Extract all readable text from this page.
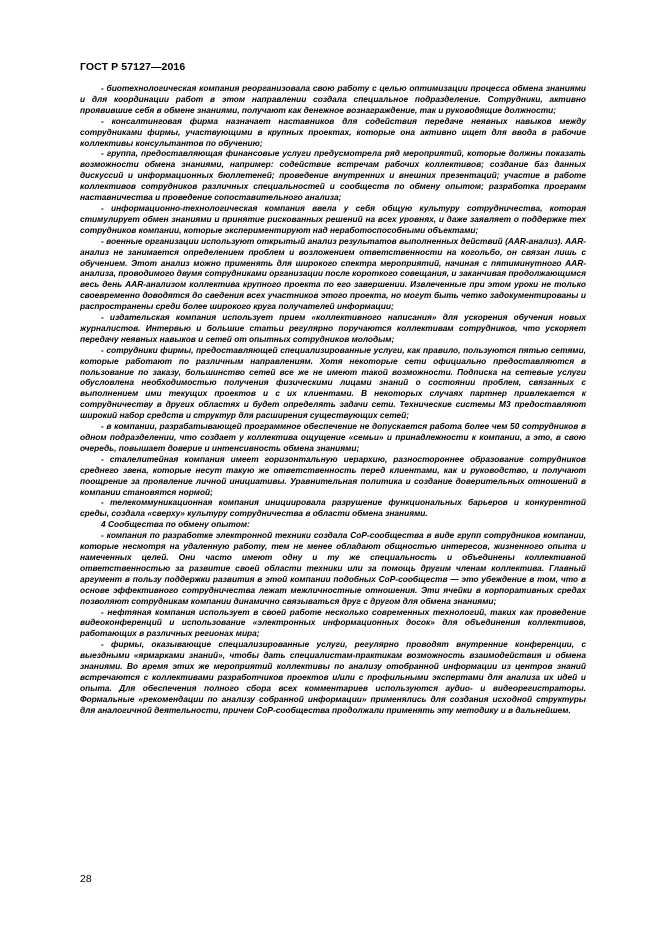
ГОСТ Р 57127—2016

- биотехнологическая компания реорганизовала свою работу с целью оптимизации процесса обмена знаниями и для координации работ в этом направлении создала специальное подразделение. Сотрудники, активно проявившие себя в обмене знаниями, получают как денежное вознаграждение, так и руководящие должности;

- консалтинговая фирма назначает наставников для содействия передаче неявных навыков между сотрудниками фирмы, участвующими в крупных проектах, которые она активно ищет для ввода в рабочие коллективы консультантов по обучению;

- группа, предоставляющая финансовые услуги предусмотрела ряд мероприятий, которые должны показать возможности обмена знаниями, например: содействие встречам рабочих коллективов; создание баз данных дискуссий и информационных бюллетеней; проведение внутренних и внешних презентаций; участие в работе коллективов сотрудников различных специальностей и сообществ по обмену опытом; разработка программ наставничества и проведение сопоставительного анализа;

- информационно-технологическая компания ввела у себя общую культуру сотрудничества, которая стимулирует обмен знаниями и принятие рискованных решений на всех уровнях, и даже заявляет о поддержке тех сотрудников компании, которые экспериментируют над неработоспособными объектами;

- военные организации используют открытый анализ результатов выполненных действий (AAR-анализ). AAR-анализ не занимается определением проблем и возложением ответственности на когольбо, он связан лишь с обучением. Этот анализ можно применять для широкого спектра мероприятий, начиная с пятиминутного AAR-анализа, проводимого двумя сотрудниками организации после короткого совещания, и заканчивая продолжающимся весь день AAR-анализом коллектива крупного проекта по его завершении. Извлеченные при этом уроки не только своевременно доводятся до сведения всех участников этого проекта, но могут быть четко задокументированы и распространены среди более широкого круга получателей информации;

- издательская компания использует прием «коллективного написания» для ускорения обучения новых журналистов. Интервью и большие статьи регулярно поручаются коллективам сотрудников, что ускоряет передачу неявных навыков и сетей от опытных сотрудников молодым;

- сотрудники фирмы, предоставляющей специализированные услуги, как правило, пользуются пятью сетями, которые работают по различным направлениям. Хотя некоторые сети официально предоставляются в пользование по заказу, большинство сетей все же не имеют такой возможности. Подписка на сетевые услуги обусловлена необходимостью получения физическими лицами знаний о состоянии проблем, связанных с выполнением ими текущих проектов и с их клиентами. В некоторых случаях партнер привлекается к сотрудничеству в других областях и будет определять задачи сети. Технические системы M3 предоставляют широкий набор средств и структур для расширения существующих сетей;

- в компании, разрабатывающей программное обеспечение не допускается работа более чем 50 сотрудников в одном подразделении, что создает у коллектива ощущение «семьи» и принадлежности к компании, а это, в свою очередь, повышает доверие и интенсивность обмена знаниями;

- сталелитейная компания имеет горизонтальную иерархию, разностороннее образование сотрудников среднего звена, которые несут такую же ответственность перед клиентами, как и руководство, и получают поощрение за проявление личной инициативы. Уравнительная политика и создание доверительных отношений в компании становятся нормой;

- телекоммуникационная компания инициировала разрушение функциональных барьеров и конкурентной среды, создала «сверху» культуру сотрудничества в области обмена знаниями.

4 Сообщества по обмену опытом:

- компания по разработке электронной техники создала CoP-сообщества в виде групп сотрудников компании, которые несмотря на удаленную работу, тем не менее обладают общностью интересов, жизненного опыта и намеченных целей. Они часто имеют одну и ту же специальность и объединены коллективной ответственностью за развитие своей области техники или за помощь другим членам коллектива. Главный аргумент в пользу поддержки развития в этой компании подобных CoP-сообществ — это убеждение в том, что в основе эффективного сотрудничества лежат межличностные отношения. Эти ячейки в корпоративных средах позволяют сотрудникам компании динамично связываться друг с другом для обмена знаниями;

- нефтяная компания использует в своей работе несколько современных технологий, таких как проведение видеоконференций и использование «электронных информационных досок» для объединения коллективов, работающих в различных регионах мира;

- фирмы, оказывающие специализированные услуги, регулярно проводят внутренние конференции, с выездными «ярмарками знаний», чтобы дать специалистам-практикам возможность взаимодействия и обмена знаниями. Во время этих же мероприятий коллективы по анализу отобранной информации из центров знаний встречаются с коллективами разработчиков проектов и/или с профильными экспертами для анализа их идей и опыта. Для обеспечения полного сбора всех комментариев используются аудио- и видеорегистраторы. Формальные «рекомендации по анализу собранной информации» применялись для создания исходной структуры для аналогичной деятельности, причем CoP-сообщества продолжали применять эту методику и в дальнейшем.

28
